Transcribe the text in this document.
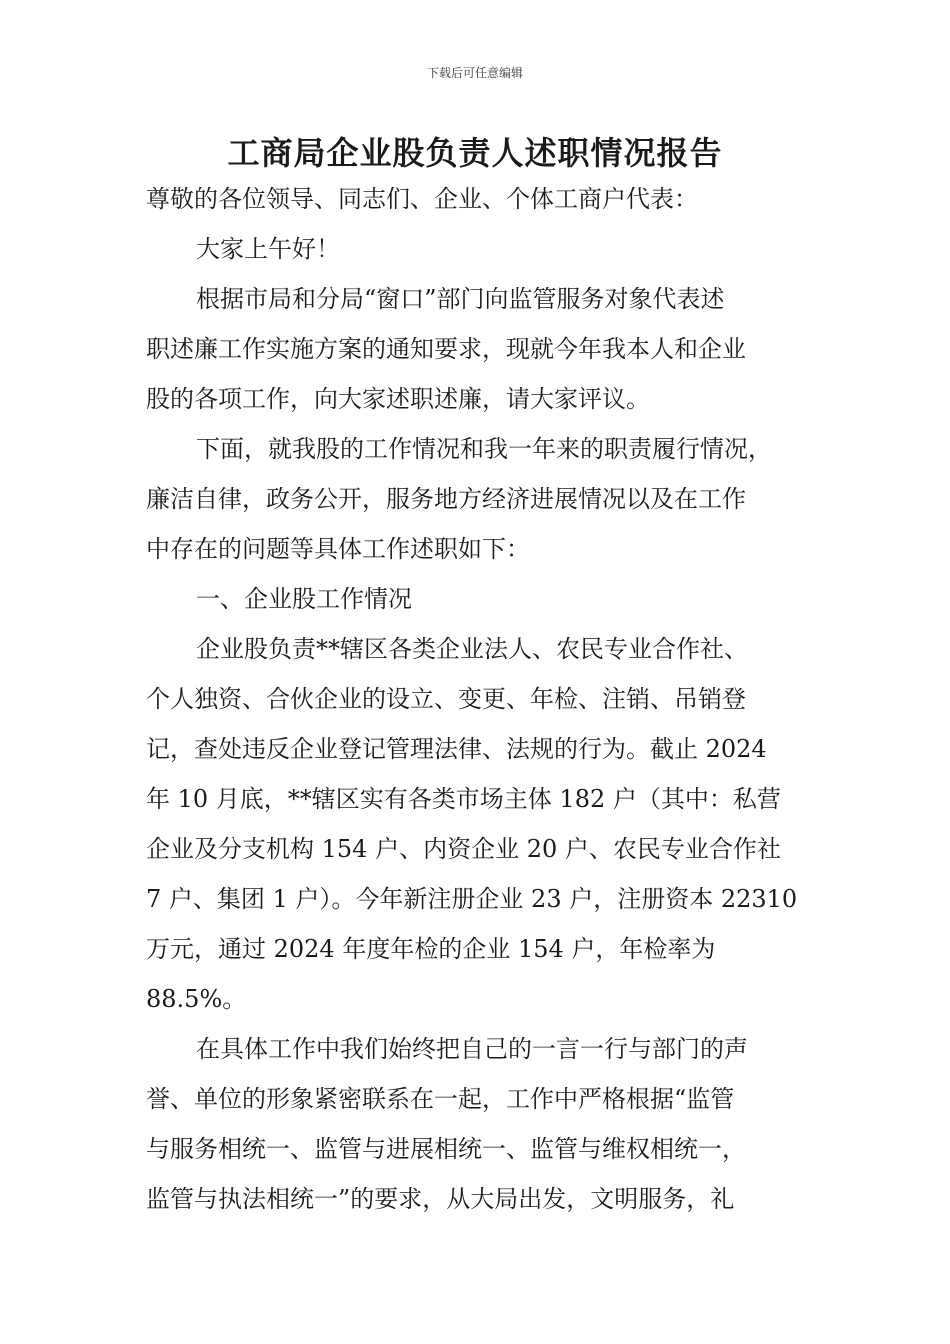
下载后可任意编辑
工商局企业股负责人述职情况报告
尊敬的各位领导、同志们、企业、个体工商户代表：
大家上午好！
根据市局和分局“窗口”部门向监管服务对象代表述
职述廉工作实施方案的通知要求，现就今年我本人和企业
股的各项工作，向大家述职述廉，请大家评议。
下面，就我股的工作情况和我一年来的职责履行情况，
廉洁自律，政务公开，服务地方经济进展情况以及在工作
中存在的问题等具体工作述职如下：
一、企业股工作情况
企业股负责**辖区各类企业法人、农民专业合作社、
个人独资、合伙企业的设立、变更、年检、注销、吊销登
记，查处违反企业登记管理法律、法规的行为。截止 2024
年 10 月底，**辖区实有各类市场主体 182 户（其中：私营
企业及分支机构 154 户、内资企业 20 户、农民专业合作社
7 户、集团 1 户）。今年新注册企业 23 户，注册资本 22310
万元，通过 2024 年度年检的企业 154 户，年检率为
88.5%。
在具体工作中我们始终把自己的一言一行与部门的声
誉、单位的形象紧密联系在一起，工作中严格根据“监管
与服务相统一、监管与进展相统一、监管与维权相统一，
监管与执法相统一”的要求，从大局出发，文明服务，礼
